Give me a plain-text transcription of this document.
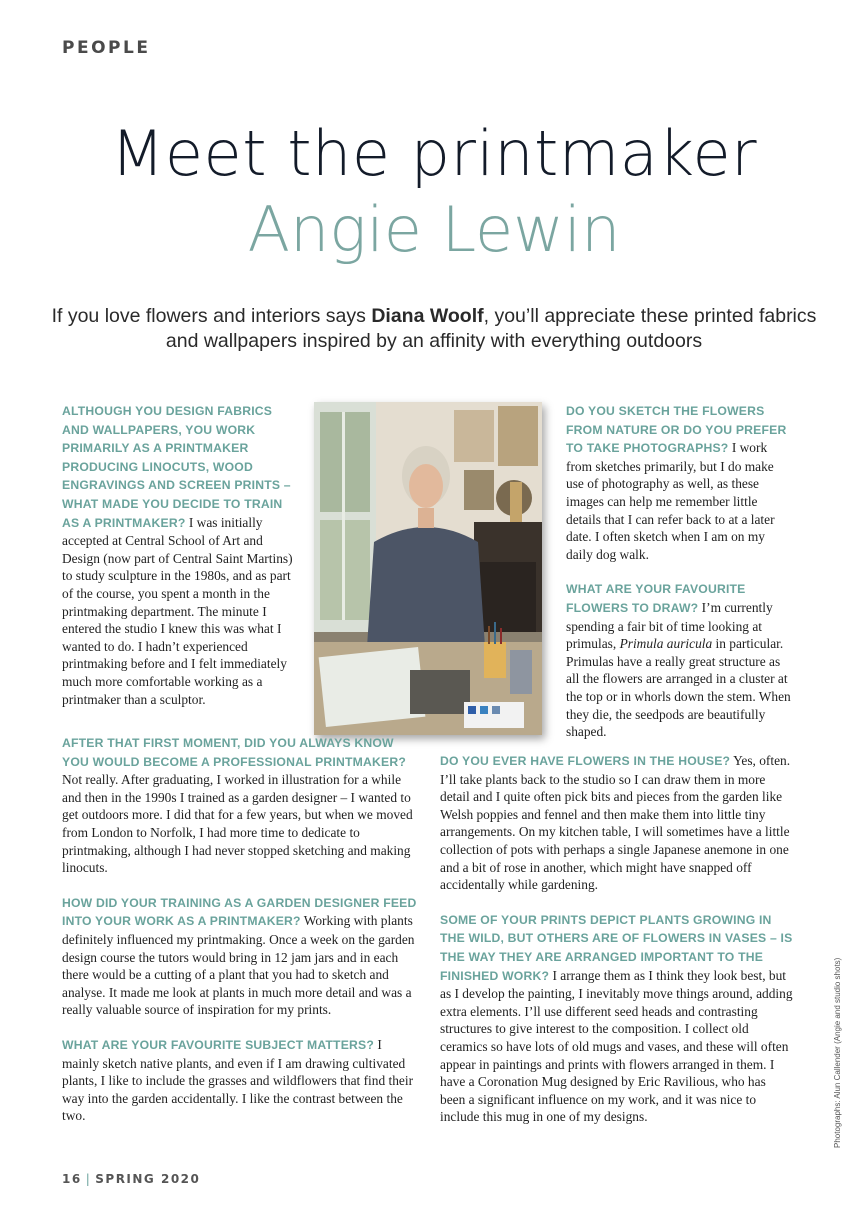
PEOPLE
Meet the printmaker
Angie Lewin
If you love flowers and interiors says Diana Woolf, you’ll appreciate these printed fabrics and wallpapers inspired by an affinity with everything outdoors

ALTHOUGH YOU DESIGN FABRICS AND WALLPAPERS, YOU WORK PRIMARILY AS A PRINTMAKER PRODUCING LINOCUTS, WOOD ENGRAVINGS AND SCREEN PRINTS – WHAT MADE YOU DECIDE TO TRAIN AS A PRINTMAKER? I was initially accepted at Central School of Art and Design (now part of Central Saint Martins) to study sculpture in the 1980s, and as part of the course, you spent a month in the printmaking department. The minute I entered the studio I knew this was what I wanted to do. I hadn’t experienced printmaking before and I felt immediately much more comfortable working as a printmaker than a sculptor.

DO YOU SKETCH THE FLOWERS FROM NATURE OR DO YOU PREFER TO TAKE PHOTOGRAPHS? I work from sketches primarily, but I do make use of photography as well, as these images can help me remember little details that I can refer back to at a later date. I often sketch when I am on my daily dog walk.

WHAT ARE YOUR FAVOURITE FLOWERS TO DRAW? I’m currently spending a fair bit of time looking at primulas, Primula auricula in particular. Primulas have a really great structure as all the flowers are arranged in a cluster at the top or in whorls down the stem. When they die, the seedpods are beautifully shaped.

AFTER THAT FIRST MOMENT, DID YOU ALWAYS KNOW YOU WOULD BECOME A PROFESSIONAL PRINTMAKER? Not really. After graduating, I worked in illustration for a while and then in the 1990s I trained as a garden designer – I wanted to get outdoors more. I did that for a few years, but when we moved from London to Norfolk, I had more time to dedicate to printmaking, although I had never stopped sketching and making linocuts.

HOW DID YOUR TRAINING AS A GARDEN DESIGNER FEED INTO YOUR WORK AS A PRINTMAKER? Working with plants definitely influenced my printmaking. Once a week on the garden design course the tutors would bring in 12 jam jars and in each there would be a cutting of a plant that you had to sketch and analyse. It made me look at plants in much more detail and was a really valuable source of inspiration for my prints.

WHAT ARE YOUR FAVOURITE SUBJECT MATTERS? I mainly sketch native plants, and even if I am drawing cultivated plants, I like to include the grasses and wildflowers that find their way into the garden accidentally. I like the contrast between the two.

DO YOU EVER HAVE FLOWERS IN THE HOUSE? Yes, often. I’ll take plants back to the studio so I can draw them in more detail and I quite often pick bits and pieces from the garden like Welsh poppies and fennel and then make them into little tiny arrangements. On my kitchen table, I will sometimes have a little collection of pots with perhaps a single Japanese anemone in one and a bit of rose in another, which might have snapped off accidentally while gardening.

SOME OF YOUR PRINTS DEPICT PLANTS GROWING IN THE WILD, BUT OTHERS ARE OF FLOWERS IN VASES – IS THE WAY THEY ARE ARRANGED IMPORTANT TO THE FINISHED WORK? I arrange them as I think they look best, but as I develop the painting, I inevitably move things around, adding extra elements. I’ll use different seed heads and contrasting structures to give interest to the composition. I collect old ceramics so have lots of old mugs and vases, and these will often appear in paintings and prints with flowers arranged in them. I have a Coronation Mug designed by Eric Ravilious, who has been a significant influence on my work, and it was nice to include this mug in one of my designs.

16 | SPRING 2020
Photographs: Alun Callender (Angie and studio shots)
